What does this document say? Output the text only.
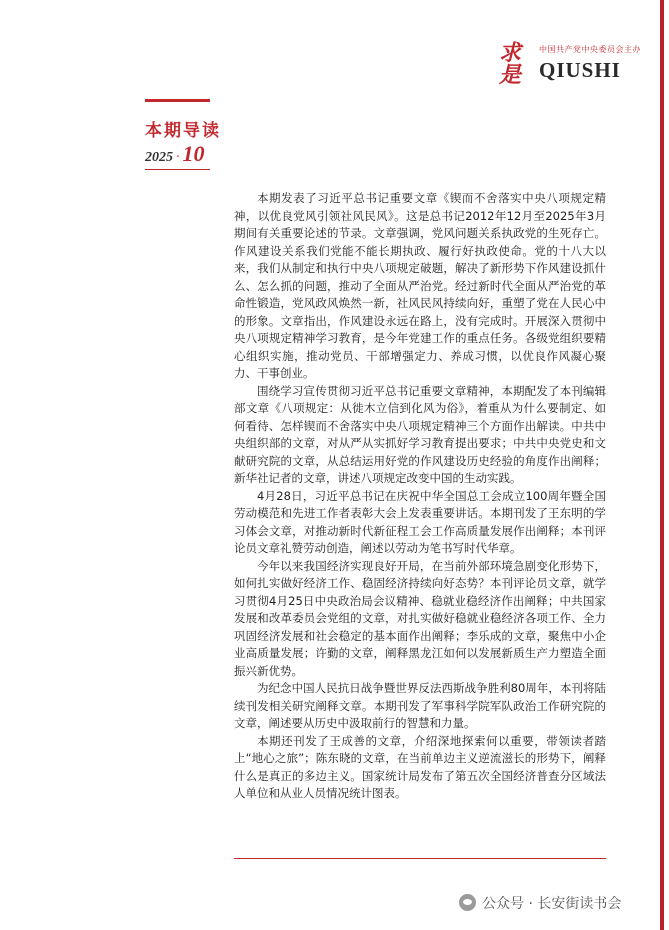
求是
中国共产党中央委员会主办
QIUSHI
本期导读
2025 · 10

本期发表了习近平总书记重要文章《锲而不舍落实中央八项规定精神，以优良党风引领社风民风》。这是总书记2012年12月至2025年3月期间有关重要论述的节录。文章强调，党风问题关系执政党的生死存亡。作风建设关系我们党能不能长期执政、履行好执政使命。党的十八大以来，我们从制定和执行中央八项规定破题，解决了新形势下作风建设抓什么、怎么抓的问题，推动了全面从严治党。经过新时代全面从严治党的革命性锻造，党风政风焕然一新，社风民风持续向好，重塑了党在人民心中的形象。文章指出，作风建设永远在路上，没有完成时。开展深入贯彻中央八项规定精神学习教育，是今年党建工作的重点任务。各级党组织要精心组织实施，推动党员、干部增强定力、养成习惯，以优良作风凝心聚力、干事创业。

围绕学习宣传贯彻习近平总书记重要文章精神，本期配发了本刊编辑部文章《八项规定：从徙木立信到化风为俗》，着重从为什么要制定、如何看待、怎样锲而不舍落实中央八项规定精神三个方面作出解读。中共中央组织部的文章，对从严从实抓好学习教育提出要求；中共中央党史和文献研究院的文章，从总结运用好党的作风建设历史经验的角度作出阐释；新华社记者的文章，讲述八项规定改变中国的生动实践。

4月28日，习近平总书记在庆祝中华全国总工会成立100周年暨全国劳动模范和先进工作者表彰大会上发表重要讲话。本期刊发了王东明的学习体会文章，对推动新时代新征程工会工作高质量发展作出阐释；本刊评论员文章礼赞劳动创造，阐述以劳动为笔书写时代华章。

今年以来我国经济实现良好开局，在当前外部环境急剧变化形势下，如何扎实做好经济工作、稳固经济持续向好态势？本刊评论员文章，就学习贯彻4月25日中央政治局会议精神、稳就业稳经济作出阐释；中共国家发展和改革委员会党组的文章，对扎实做好稳就业稳经济各项工作、全力巩固经济发展和社会稳定的基本面作出阐释；李乐成的文章，聚焦中小企业高质量发展；许勤的文章，阐释黑龙江如何以发展新质生产力塑造全面振兴新优势。

为纪念中国人民抗日战争暨世界反法西斯战争胜利80周年，本刊将陆续刊发相关研究阐释文章。本期刊发了军事科学院军队政治工作研究院的文章，阐述要从历史中汲取前行的智慧和力量。

本期还刊发了王成善的文章，介绍深地探索何以重要，带领读者踏上“地心之旅”；陈东晓的文章，在当前单边主义逆流滋长的形势下，阐释什么是真正的多边主义。国家统计局发布了第五次全国经济普查分区域法人单位和从业人员情况统计图表。

公众号 · 长安街读书会
